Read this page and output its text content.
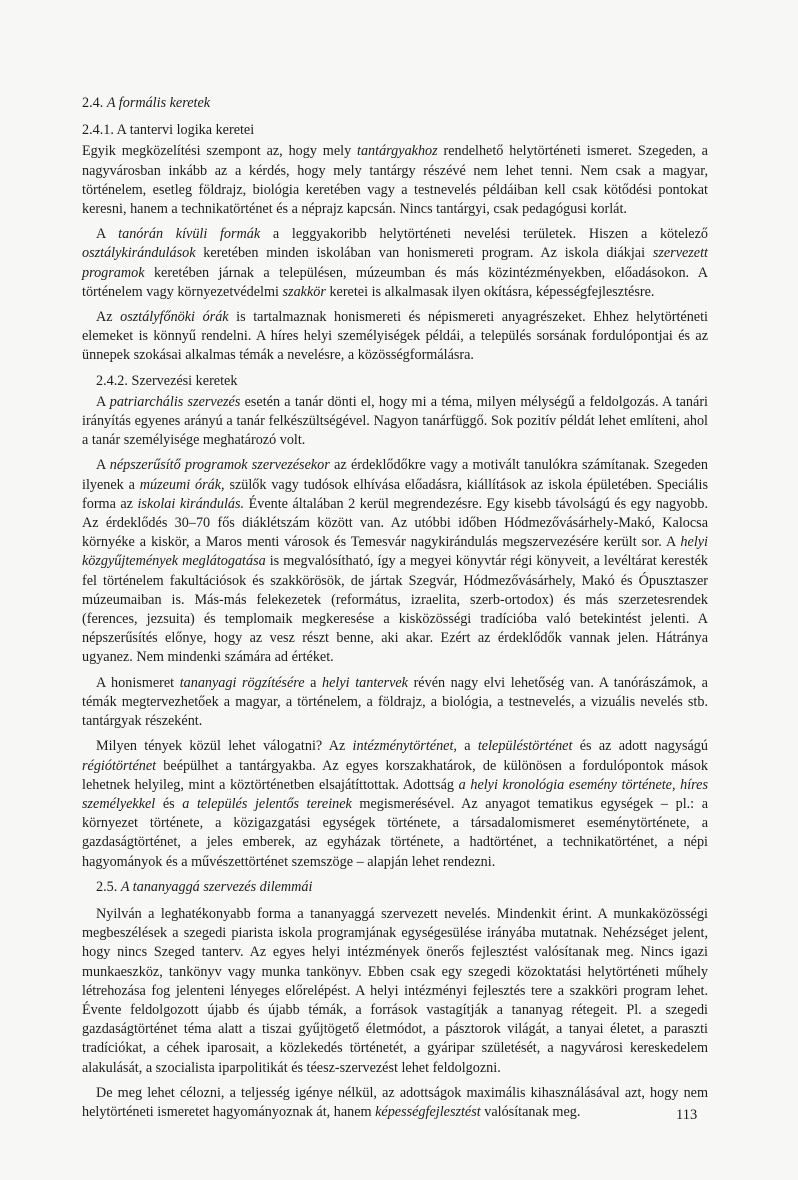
2.4. A formális keretek

2.4.1. A tantervi logika keretei

Egyik megközelítési szempont az, hogy mely tantárgyakhoz rendelhető helytörténeti ismeret. Szegeden, a nagyvárosban inkább az a kérdés, hogy mely tantárgy részévé nem lehet tenni. Nem csak a magyar, történelem, esetleg földrajz, biológia keretében vagy a testnevelés példáiban kell csak kötődési pontokat keresni, hanem a technikatörténet és a néprajz kapcsán. Nincs tantárgyi, csak pedagógusi korlát.

A tanórán kívüli formák a leggyakoribb helytörténeti nevelési területek. Hiszen a kötelező osztálykirándulások keretében minden iskolában van honismereti program. Az iskola diákjai szervezett programok keretében járnak a településen, múzeumban és más közintézményekben, előadásokon. A történelem vagy környezetvédelmi szakkör keretei is alkalmasak ilyen okításra, képességfejlesztésre.

Az osztályfőnöki órák is tartalmaznak honismereti és népismereti anyagrészeket. Ehhez helytörténeti elemeket is könnyű rendelni. A híres helyi személyiségek példái, a település sorsának fordulópontjai és az ünnepek szokásai alkalmas témák a nevelésre, a közösségformálásra.

2.4.2. Szervezési keretek

A patriarchális szervezés esetén a tanár dönti el, hogy mi a téma, milyen mélységű a feldolgozás. A tanári irányítás egyenes arányú a tanár felkészültségével. Nagyon tanárfüggő. Sok pozitív példát lehet említeni, ahol a tanár személyisége meghatározó volt.

A népszerűsítő programok szervezésekor az érdeklődőkre vagy a motivált tanulókra számítanak. Szegeden ilyenek a múzeumi órák, szülők vagy tudósok elhívása előadásra, kiállítások az iskola épületében. Speciális forma az iskolai kirándulás. Évente általában 2 kerül megrendezésre. Egy kisebb távolságú és egy nagyobb. Az érdeklődés 30–70 fős diáklétszám között van. Az utóbbi időben Hódmezővásárhely-Makó, Kalocsa környéke a kiskör, a Maros menti városok és Temesvár nagykirándulás megszervezésére került sor. A helyi közgyűjtemények meglátogatása is megvalósítható, így a megyei könyvtár régi könyveit, a levéltárat keresték fel történelem fakultációsok és szakkörösök, de jártak Szegvár, Hódmezővásárhely, Makó és Ópusztaszer múzeumaiban is. Más-más felekezetek (református, izraelita, szerb-ortodox) és más szerzetesrendek (ferences, jezsuita) és templomaik megkeresése a kisközösségi tradícióba való betekintést jelenti. A népszerűsítés előnye, hogy az vesz részt benne, aki akar. Ezért az érdeklődők vannak jelen. Hátránya ugyanez. Nem mindenki számára ad értéket.

A honismeret tananyagi rögzítésére a helyi tantervek révén nagy elvi lehetőség van. A tanórászámok, a témák megtervezhetőek a magyar, a történelem, a földrajz, a biológia, a testnevelés, a vizuális nevelés stb. tantárgyak részeként.

Milyen tények közül lehet válogatni? Az intézménytörténet, a településtörténet és az adott nagyságú régiótörténet beépülhet a tantárgyakba. Az egyes korszakhatárok, de különösen a fordulópontok mások lehetnek helyileg, mint a köztörténetben elsajátíttottak. Adottság a helyi kronológia esemény története, híres személyekkel és a település jelentős tereinek megismerésével. Az anyagot tematikus egységek – pl.: a környezet története, a közigazgatási egységek története, a társadalomismeret eseménytörténete, a gazdaságtörténet, a jeles emberek, az egyházak története, a hadtörténet, a technikatörténet, a népi hagyományok és a művészettörténet szemszöge – alapján lehet rendezni.

2.5. A tananyaggá szervezés dilemmái

Nyilván a leghatékonyabb forma a tananyaggá szervezett nevelés. Mindenkit érint. A munkaközösségi megbeszélések a szegedi piarista iskola programjának egységesülése irányába mutatnak. Nehézséget jelent, hogy nincs Szeged tanterv. Az egyes helyi intézmények önerős fejlesztést valósítanak meg. Nincs igazi munkaeszköz, tankönyv vagy munka tankönyv. Ebben csak egy szegedi közoktatási helytörténeti műhely létrehozása fog jelenteni lényeges előrelépést. A helyi intézményi fejlesztés tere a szakköri program lehet. Évente feldolgozott újabb és újabb témák, a források vastagítják a tananyag rétegeit. Pl. a szegedi gazdaságtörténet téma alatt a tiszai gyűjtögető életmódot, a pásztorok világát, a tanyai életet, a paraszti tradíciókat, a céhek iparosait, a közlekedés történetét, a gyáripar születését, a nagyvárosi kereskedelem alakulását, a szocialista iparpolitikát és téesz-szervezést lehet feldolgozni.

De meg lehet célozni, a teljesség igénye nélkül, az adottságok maximális kihasználásával azt, hogy nem helytörténeti ismeretet hagyományoznak át, hanem képességfejlesztést valósítanak meg.	113
